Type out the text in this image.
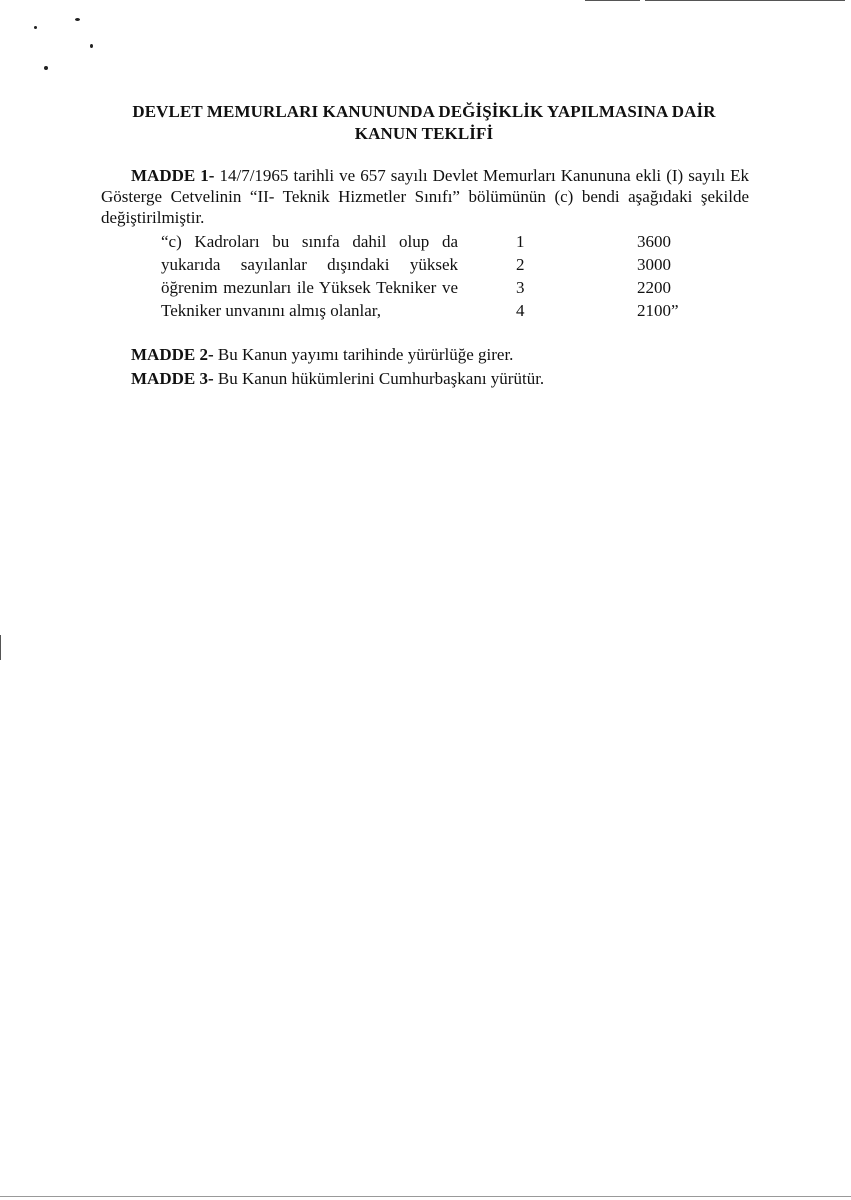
DEVLET MEMURLARI KANUNUNDA DEĞİŞİKLİK YAPILMASINA DAİR
KANUN TEKLİFİ
MADDE 1- 14/7/1965 tarihli ve 657 sayılı Devlet Memurları Kanununa ekli (I) sayılı Ek
Gösterge Cetvelinin “II- Teknik Hizmetler Sınıfı” bölümünün (c) bendi aşağıdaki şekilde
değiştirilmiştir.
“c) Kadroları bu sınıfa dahil olup da	1	3600
yukarıda sayılanlar dışındaki yüksek	2	3000
öğrenim mezunları ile Yüksek Tekniker ve	3	2200
Tekniker unvanını almış olanlar,	4	2100”
MADDE 2- Bu Kanun yayımı tarihinde yürürlüğe girer.
MADDE 3- Bu Kanun hükümlerini Cumhurbaşkanı yürütür.
